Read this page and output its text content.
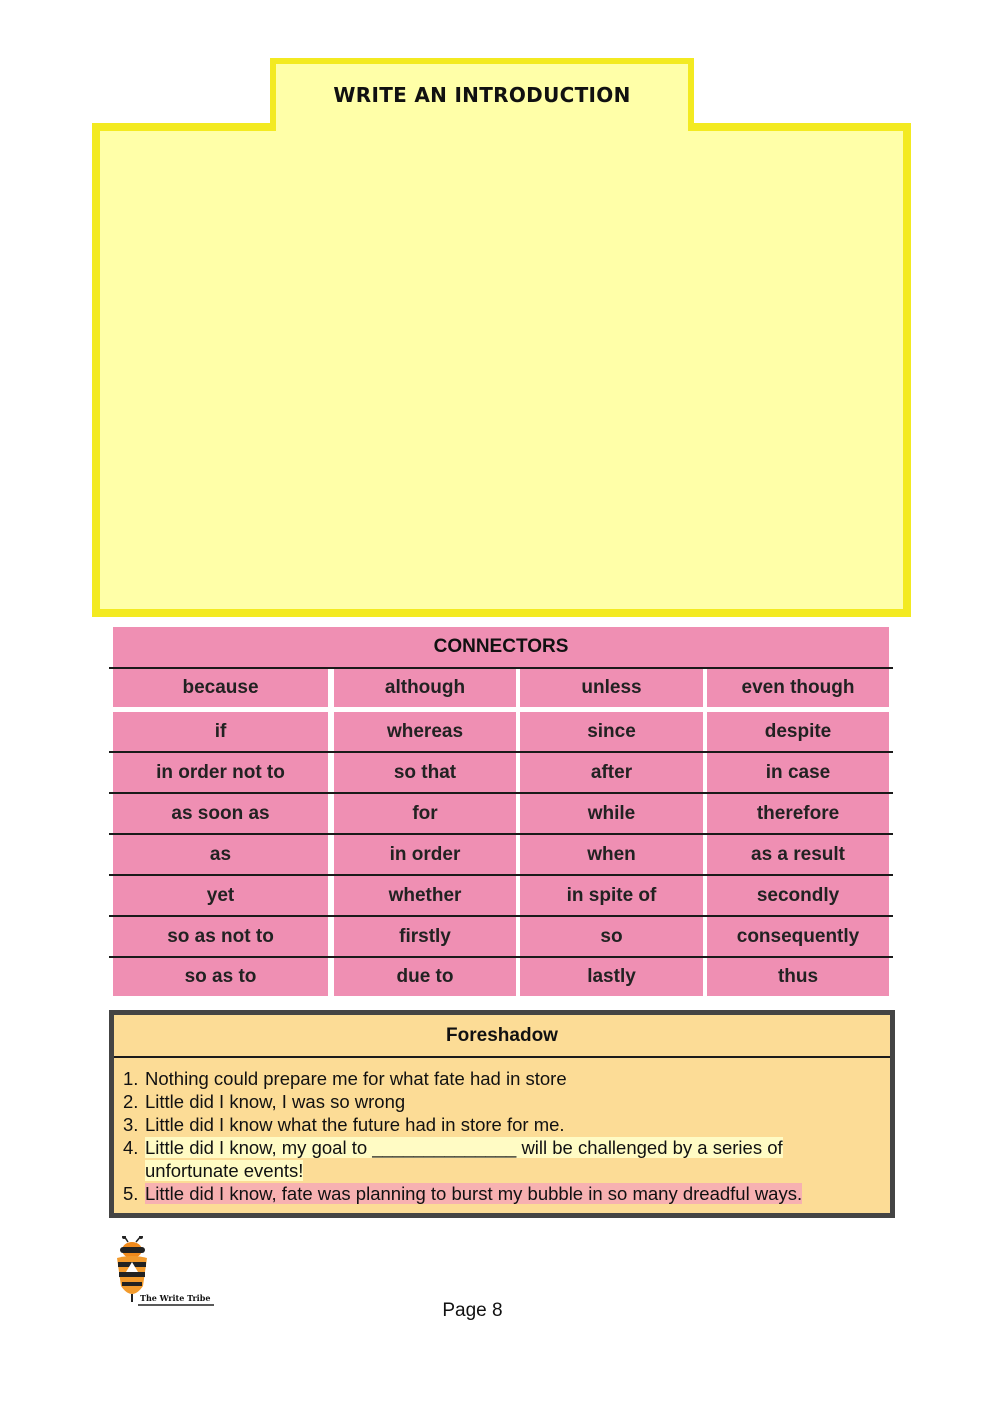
WRITE AN INTRODUCTION
CONNECTORS
because	although	unless	even though
if	whereas	since	despite
in order not to	so that	after	in case
as soon as	for	while	therefore
as	in order	when	as a result
yet	whether	in spite of	secondly
so as not to	firstly	so	consequently
so as to	due to	lastly	thus
Foreshadow
1. Nothing could prepare me for what fate had in store
2. Little did I know, I was so wrong
3. Little did I know what the future had in store for me.
4. Little did I know, my goal to ______________ will be challenged by a series of unfortunate events!
5. Little did I know, fate was planning to burst my bubble in so many dreadful ways.
The Write Tribe
Page 8
